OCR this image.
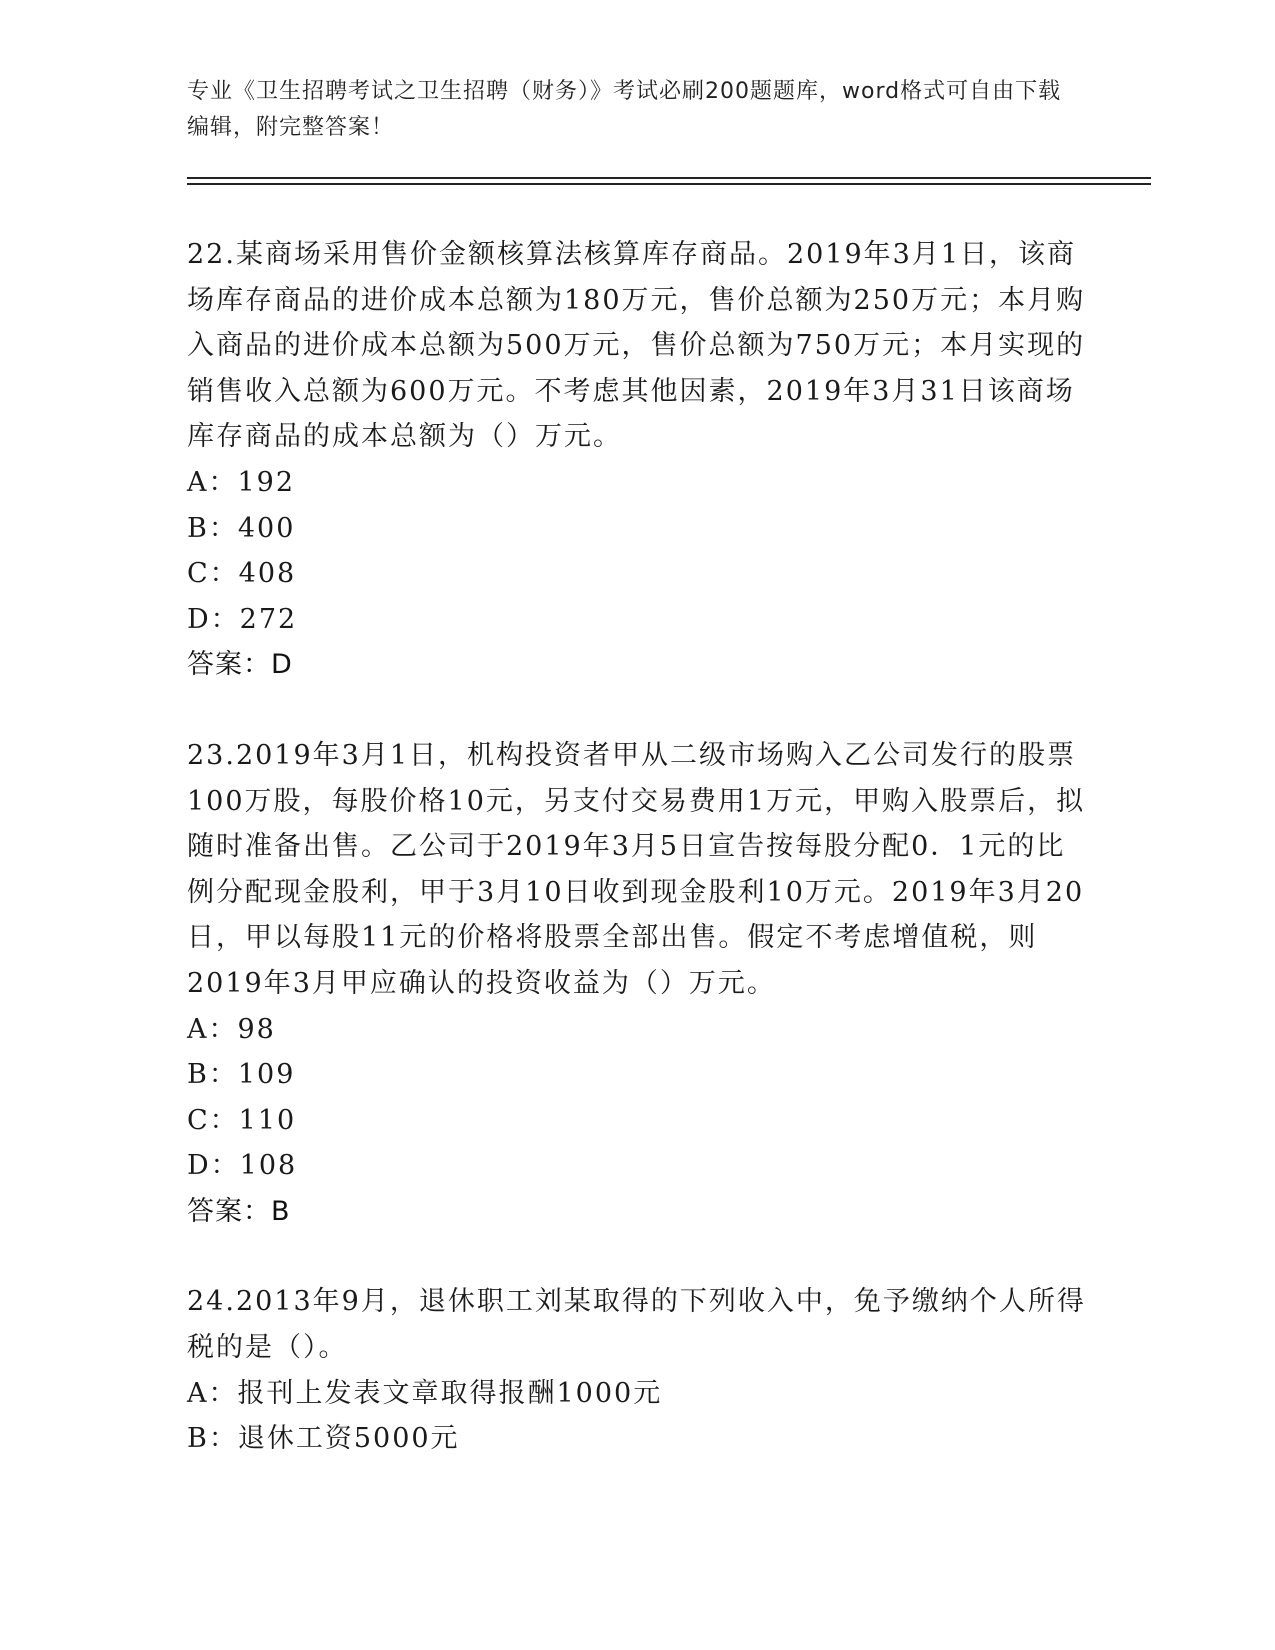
专业《卫生招聘考试之卫生招聘（财务）》考试必刷200题题库，word格式可自由下载编辑，附完整答案！

22.某商场采用售价金额核算法核算库存商品。2019年3月1日，该商场库存商品的进价成本总额为180万元，售价总额为250万元；本月购入商品的进价成本总额为500万元，售价总额为750万元；本月实现的销售收入总额为600万元。不考虑其他因素，2019年3月31日该商场库存商品的成本总额为（）万元。

A：192

B：400

C：408

D：272

答案：D

23.2019年3月1日，机构投资者甲从二级市场购入乙公司发行的股票100万股，每股价格10元，另支付交易费用1万元，甲购入股票后，拟随时准备出售。乙公司于2019年3月5日宣告按每股分配0．1元的比例分配现金股利，甲于3月10日收到现金股利10万元。2019年3月20日，甲以每股11元的价格将股票全部出售。假定不考虑增值税，则2019年3月甲应确认的投资收益为（）万元。

A：98

B：109

C：110

D：108

答案：B

24.2013年9月，退休职工刘某取得的下列收入中，免予缴纳个人所得税的是（）。

A：报刊上发表文章取得报酬1000元

B：退休工资5000元
